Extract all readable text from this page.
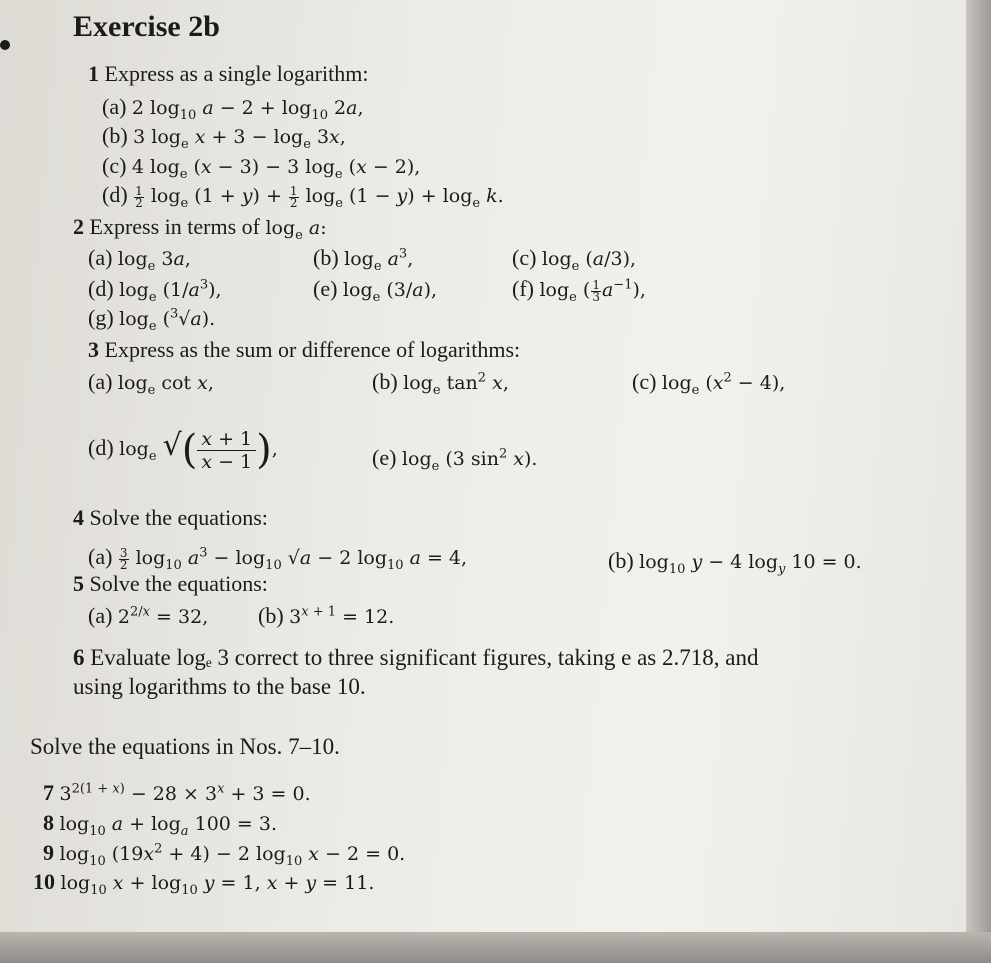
Exercise 2b
1 Express as a single logarithm:
(a) 2 $\log_{10} a - 2 + \log_{10} 2a$,
(b) 3 $\log_e x + 3 - \log_e 3x$,
(c) 4 $\log_e (x - 3) - 3$ $\log_e (x - 2)$,
$(d) \frac{1}{2} \log_e (1 + y) + \frac{1}{2} \log_e (1 - y) + \log_e k$.
2 Express in terms of $\log_e a$:
(a) $\log_e 3a$,	(b) $\log_e a^3$,	(c) $\log_e (a/3)$,
(d) $\log_e (1/a^3)$,	(e) $\log_e (3/a)$,	(f) $\log_e$ ( $\frac{1}{3} a^{-1}$),
(g) $\log_e (^3√a)$.
3 Express as the sum or difference of logarithms:
(a) $\log_e \cot x$,	(b) $\log_e \tan^2 x$,	(c) $\log_e (x^2 - 4)$,
(d) $\log_e$ √( $\frac{x + 1}{x - 1}$ ),	(e) $\log_e (3$ $\sin^2 x$).
4 Solve the equations:
$(a) \frac{3}{2} \log_{10} a^3 - \log_{10} √a - 2$ $\log_{10} a = 4$,	(b) $\log_{10} y - 4$ $\log_y 10 = 0$.
5 Solve the equations:
(a) $2^{2/x} = 32$, (b) $3^{x + 1} = 12$.
6 Evaluate logₑ 3 correct to three significant figures, taking e as 2.718, and
using logarithms to the base 10.
Solve the equations in Nos. 7–10.
7 $3^{2(1 + x)} - 28 \times 3^x + 3 = 0$.
8 $\log_{10} a + \log_a 100 = 3$.
9 $\log_{10} (19x^2 + 4) - 2$ $\log_{10} x - 2 = 0$.
10 $\log_{10} x + \log_{10} y = 1$, x + y = 11.
